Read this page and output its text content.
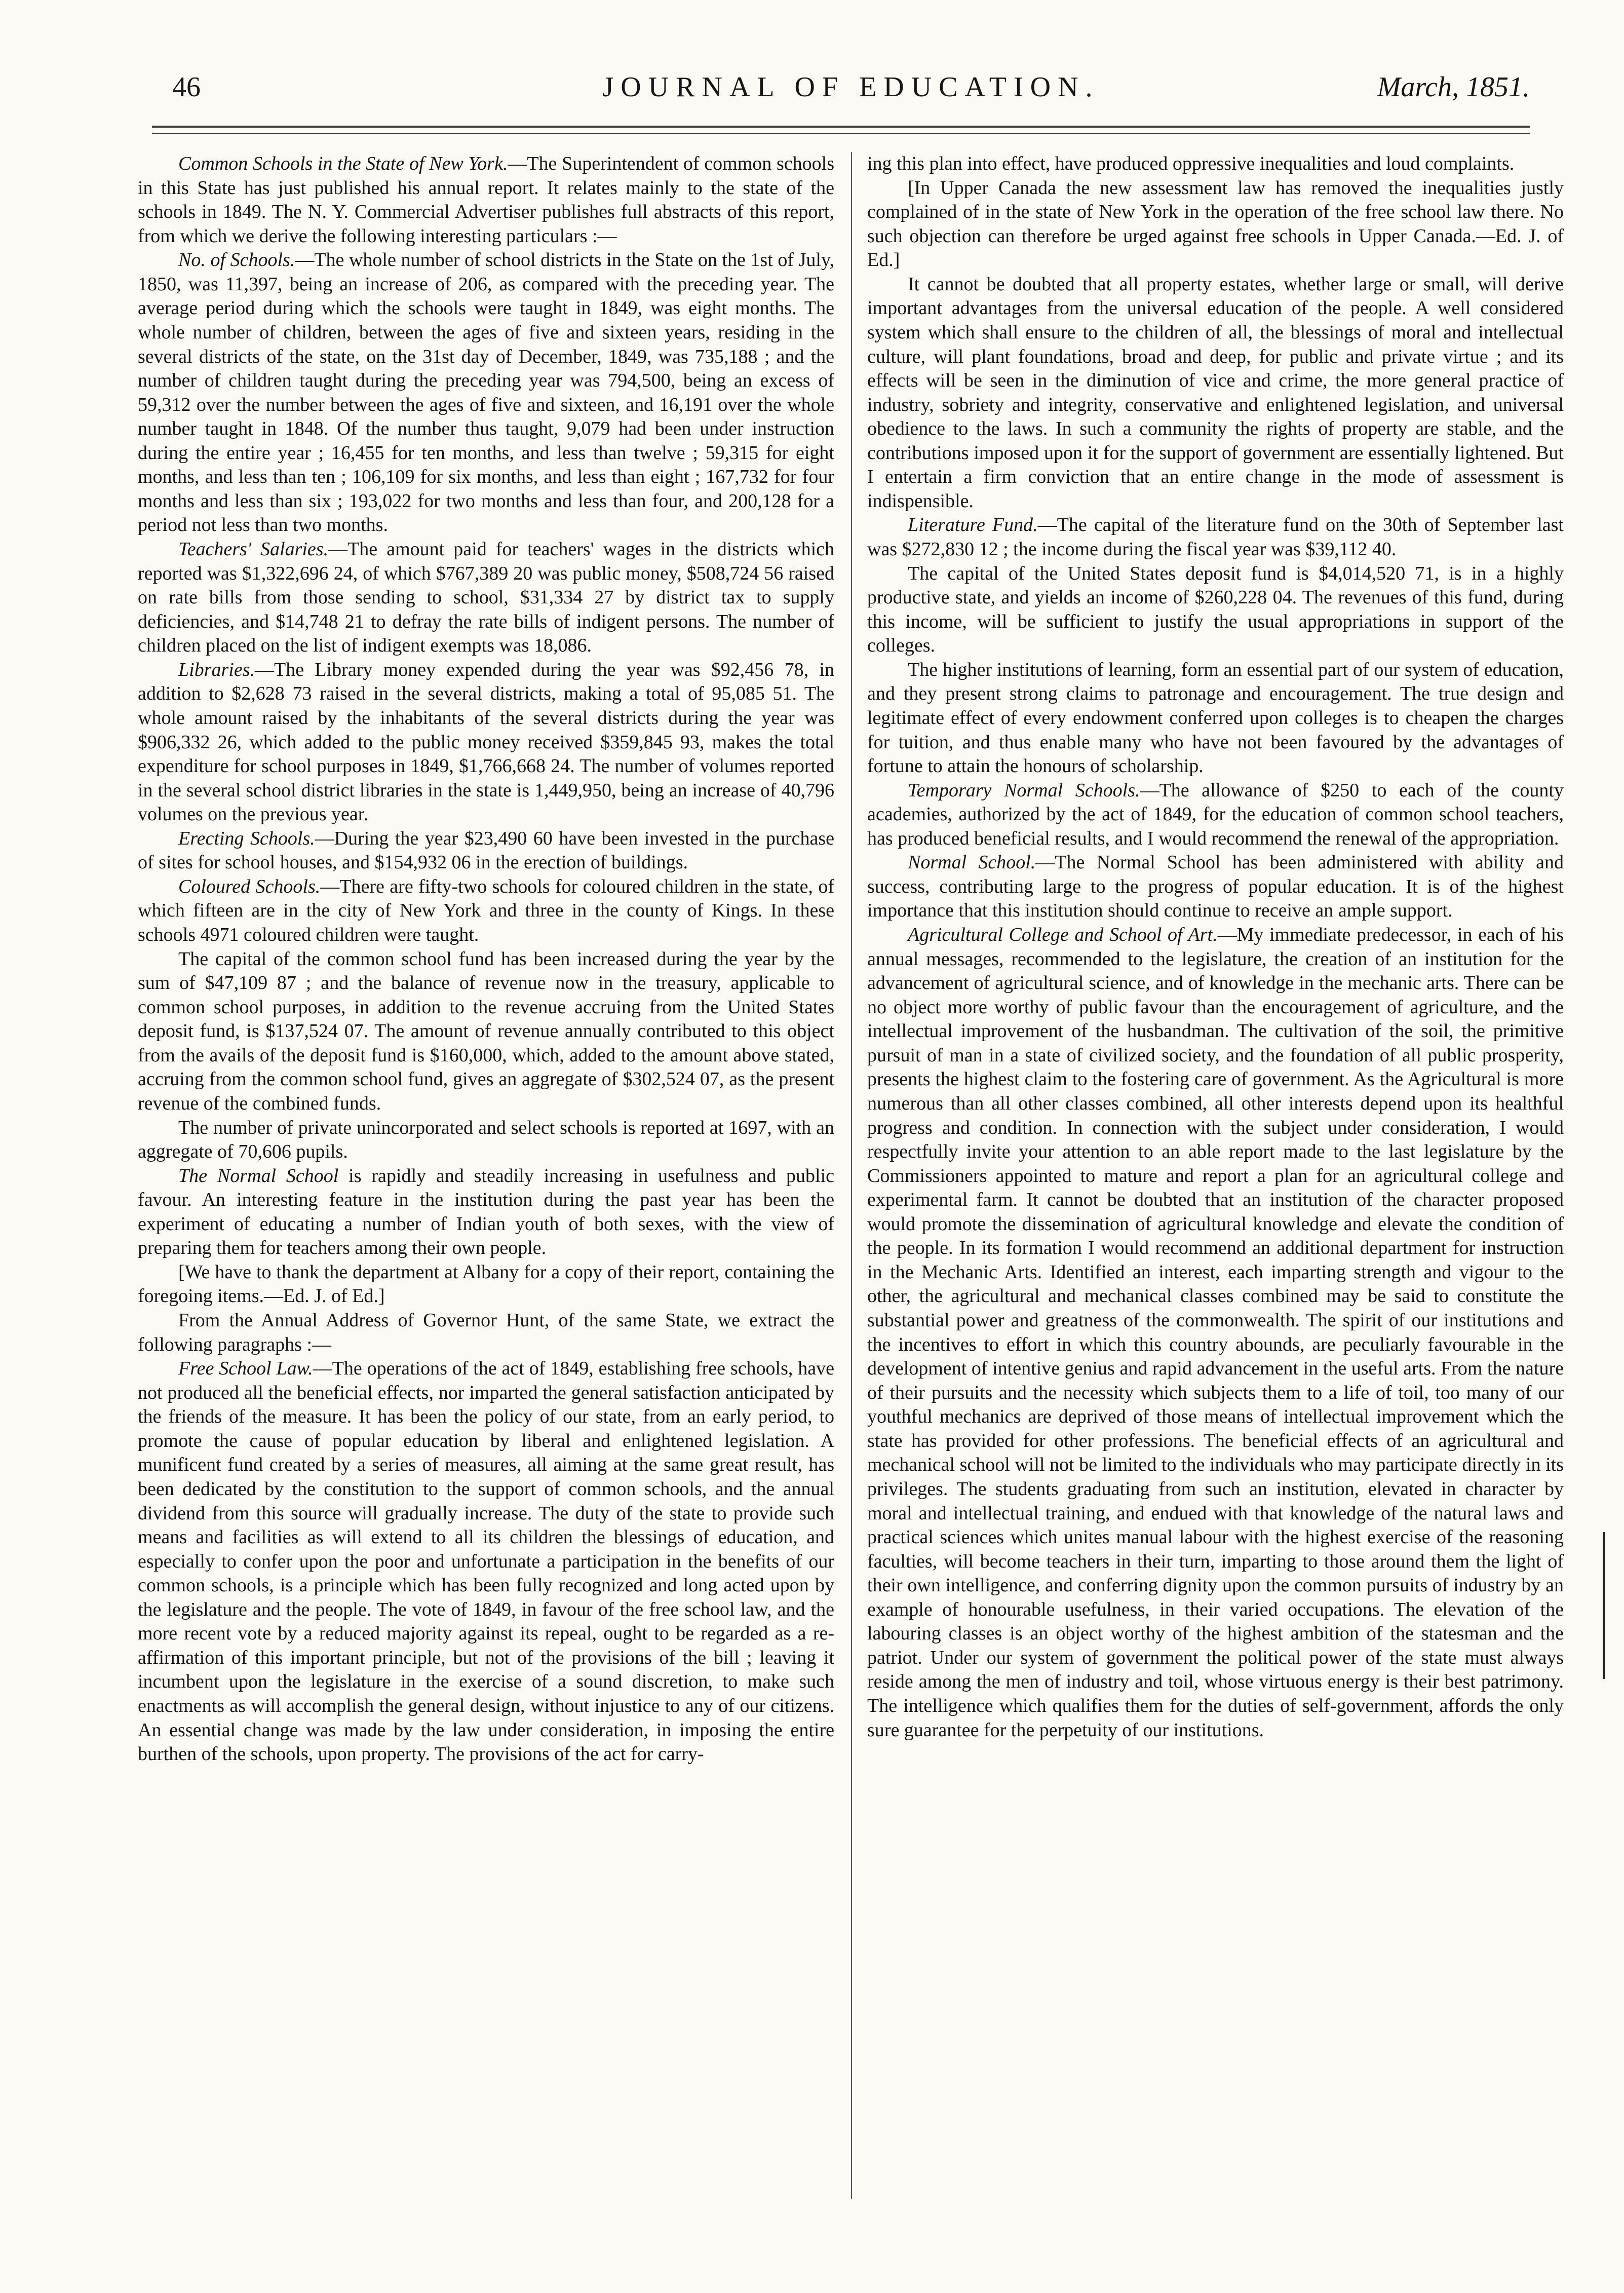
46	JOURNAL OF EDUCATION.	March, 1851.

Common Schools in the State of New York.—The Superintendent of common schools in this State has just published his annual report. It relates mainly to the state of the schools in 1849. The N. Y. Commercial Advertiser publishes full abstracts of this report, from which we derive the following interesting particulars :—

No. of Schools.—The whole number of school districts in the State on the 1st of July, 1850, was 11,397, being an increase of 206, as compared with the preceding year. The average period during which the schools were taught in 1849, was eight months. The whole number of children, between the ages of five and sixteen years, residing in the several districts of the state, on the 31st day of December, 1849, was 735,188 ; and the number of children taught during the preceding year was 794,500, being an excess of 59,312 over the number between the ages of five and sixteen, and 16,191 over the whole number taught in 1848. Of the number thus taught, 9,079 had been under instruction during the entire year ; 16,455 for ten months, and less than twelve ; 59,315 for eight months, and less than ten ; 106,109 for six months, and less than eight ; 167,732 for four months and less than six ; 193,022 for two months and less than four, and 200,128 for a period not less than two months.

Teachers' Salaries.—The amount paid for teachers' wages in the districts which reported was $1,322,696 24, of which $767,389 20 was public money, $508,724 56 raised on rate bills from those sending to school, $31,334 27 by district tax to supply deficiencies, and $14,748 21 to defray the rate bills of indigent persons. The number of children placed on the list of indigent exempts was 18,086.

Libraries.—The Library money expended during the year was $92,456 78, in addition to $2,628 73 raised in the several districts, making a total of 95,085 51. The whole amount raised by the inhabitants of the several districts during the year was $906,332 26, which added to the public money received $359,845 93, makes the total expenditure for school purposes in 1849, $1,766,668 24. The number of volumes reported in the several school district libraries in the state is 1,449,950, being an increase of 40,796 volumes on the previous year.

Erecting Schools.—During the year $23,490 60 have been invested in the purchase of sites for school houses, and $154,932 06 in the erection of buildings.

Coloured Schools.—There are fifty-two schools for coloured children in the state, of which fifteen are in the city of New York and three in the county of Kings. In these schools 4971 coloured children were taught.

The capital of the common school fund has been increased during the year by the sum of $47,109 87 ; and the balance of revenue now in the treasury, applicable to common school purposes, in addition to the revenue accruing from the United States deposit fund, is $137,524 07. The amount of revenue annually contributed to this object from the avails of the deposit fund is $160,000, which, added to the amount above stated, accruing from the common school fund, gives an aggregate of $302,524 07, as the present revenue of the combined funds.

The number of private unincorporated and select schools is reported at 1697, with an aggregate of 70,606 pupils.

The Normal School is rapidly and steadily increasing in usefulness and public favour. An interesting feature in the institution during the past year has been the experiment of educating a number of Indian youth of both sexes, with the view of preparing them for teachers among their own people.

[We have to thank the department at Albany for a copy of their report, containing the foregoing items.—Ed. J. of Ed.]

From the Annual Address of Governor Hunt, of the same State, we extract the following paragraphs :—

Free School Law.—The operations of the act of 1849, establishing free schools, have not produced all the beneficial effects, nor imparted the general satisfaction anticipated by the friends of the measure. It has been the policy of our state, from an early period, to promote the cause of popular education by liberal and enlightened legislation. A munificent fund created by a series of measures, all aiming at the same great result, has been dedicated by the constitution to the support of common schools, and the annual dividend from this source will gradually increase. The duty of the state to provide such means and facilities as will extend to all its children the blessings of education, and especially to confer upon the poor and unfortunate a participation in the benefits of our common schools, is a principle which has been fully recognized and long acted upon by the legislature and the people. The vote of 1849, in favour of the free school law, and the more recent vote by a reduced majority against its repeal, ought to be regarded as a re-affirmation of this important principle, but not of the provisions of the bill ; leaving it incumbent upon the legislature in the exercise of a sound discretion, to make such enactments as will accomplish the general design, without injustice to any of our citizens. An essential change was made by the law under consideration, in imposing the entire burthen of the schools, upon property. The provisions of the act for carry-

ing this plan into effect, have produced oppressive inequalities and loud complaints.

[In Upper Canada the new assessment law has removed the inequalities justly complained of in the state of New York in the operation of the free school law there. No such objection can therefore be urged against free schools in Upper Canada.—Ed. J. of Ed.]

It cannot be doubted that all property estates, whether large or small, will derive important advantages from the universal education of the people. A well considered system which shall ensure to the children of all, the blessings of moral and intellectual culture, will plant foundations, broad and deep, for public and private virtue ; and its effects will be seen in the diminution of vice and crime, the more general practice of industry, sobriety and integrity, conservative and enlightened legislation, and universal obedience to the laws. In such a community the rights of property are stable, and the contributions imposed upon it for the support of government are essentially lightened. But I entertain a firm conviction that an entire change in the mode of assessment is indispensible.

Literature Fund.—The capital of the literature fund on the 30th of September last was $272,830 12 ; the income during the fiscal year was $39,112 40.

The capital of the United States deposit fund is $4,014,520 71, is in a highly productive state, and yields an income of $260,228 04. The revenues of this fund, during this income, will be sufficient to justify the usual appropriations in support of the colleges.

The higher institutions of learning, form an essential part of our system of education, and they present strong claims to patronage and encouragement. The true design and legitimate effect of every endowment conferred upon colleges is to cheapen the charges for tuition, and thus enable many who have not been favoured by the advantages of fortune to attain the honours of scholarship.

Temporary Normal Schools.—The allowance of $250 to each of the county academies, authorized by the act of 1849, for the education of common school teachers, has produced beneficial results, and I would recommend the renewal of the appropriation.

Normal School.—The Normal School has been administered with ability and success, contributing large to the progress of popular education. It is of the highest importance that this institution should continue to receive an ample support.

Agricultural College and School of Art.—My immediate predecessor, in each of his annual messages, recommended to the legislature, the creation of an institution for the advancement of agricultural science, and of knowledge in the mechanic arts. There can be no object more worthy of public favour than the encouragement of agriculture, and the intellectual improvement of the husbandman. The cultivation of the soil, the primitive pursuit of man in a state of civilized society, and the foundation of all public prosperity, presents the highest claim to the fostering care of government. As the Agricultural is more numerous than all other classes combined, all other interests depend upon its healthful progress and condition. In connection with the subject under consideration, I would respectfully invite your attention to an able report made to the last legislature by the Commissioners appointed to mature and report a plan for an agricultural college and experimental farm. It cannot be doubted that an institution of the character proposed would promote the dissemination of agricultural knowledge and elevate the condition of the people. In its formation I would recommend an additional department for instruction in the Mechanic Arts. Identified an interest, each imparting strength and vigour to the other, the agricultural and mechanical classes combined may be said to constitute the substantial power and greatness of the commonwealth. The spirit of our institutions and the incentives to effort in which this country abounds, are peculiarly favourable in the development of intentive genius and rapid advancement in the useful arts. From the nature of their pursuits and the necessity which subjects them to a life of toil, too many of our youthful mechanics are deprived of those means of intellectual improvement which the state has provided for other professions. The beneficial effects of an agricultural and mechanical school will not be limited to the individuals who may participate directly in its privileges. The students graduating from such an institution, elevated in character by moral and intellectual training, and endued with that knowledge of the natural laws and practical sciences which unites manual labour with the highest exercise of the reasoning faculties, will become teachers in their turn, imparting to those around them the light of their own intelligence, and conferring dignity upon the common pursuits of industry by an example of honourable usefulness, in their varied occupations. The elevation of the labouring classes is an object worthy of the highest ambition of the statesman and the patriot. Under our system of government the political power of the state must always reside among the men of industry and toil, whose virtuous energy is their best patrimony. The intelligence which qualifies them for the duties of self-government, affords the only sure guarantee for the perpetuity of our institutions.
